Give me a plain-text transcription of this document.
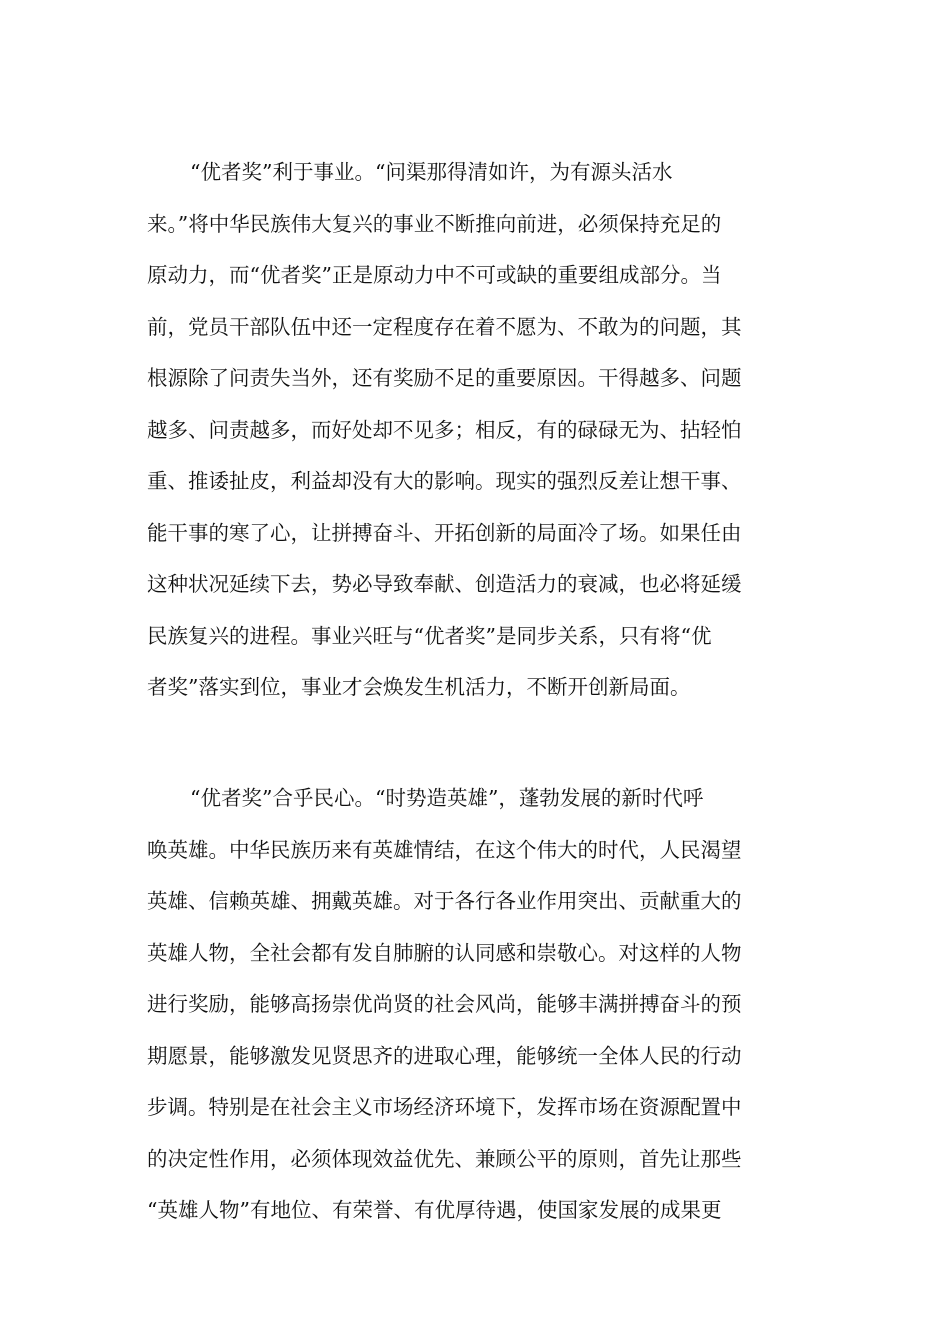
“优者奖”利于事业。“问渠那得清如许，为有源头活水
来。”将中华民族伟大复兴的事业不断推向前进，必须保持充足的
原动力，而“优者奖”正是原动力中不可或缺的重要组成部分。当
前，党员干部队伍中还一定程度存在着不愿为、不敢为的问题，其
根源除了问责失当外，还有奖励不足的重要原因。干得越多、问题
越多、问责越多，而好处却不见多；相反，有的碌碌无为、拈轻怕
重、推诿扯皮，利益却没有大的影响。现实的强烈反差让想干事、
能干事的寒了心，让拼搏奋斗、开拓创新的局面冷了场。如果任由
这种状况延续下去，势必导致奉献、创造活力的衰减，也必将延缓
民族复兴的进程。事业兴旺与“优者奖”是同步关系，只有将“优
者奖”落实到位，事业才会焕发生机活力，不断开创新局面。
“优者奖”合乎民心。“时势造英雄”，蓬勃发展的新时代呼
唤英雄。中华民族历来有英雄情结，在这个伟大的时代，人民渴望
英雄、信赖英雄、拥戴英雄。对于各行各业作用突出、贡献重大的
英雄人物，全社会都有发自肺腑的认同感和崇敬心。对这样的人物
进行奖励，能够高扬崇优尚贤的社会风尚，能够丰满拼搏奋斗的预
期愿景，能够激发见贤思齐的进取心理，能够统一全体人民的行动
步调。特别是在社会主义市场经济环境下，发挥市场在资源配置中
的决定性作用，必须体现效益优先、兼顾公平的原则，首先让那些
“英雄人物”有地位、有荣誉、有优厚待遇，使国家发展的成果更
